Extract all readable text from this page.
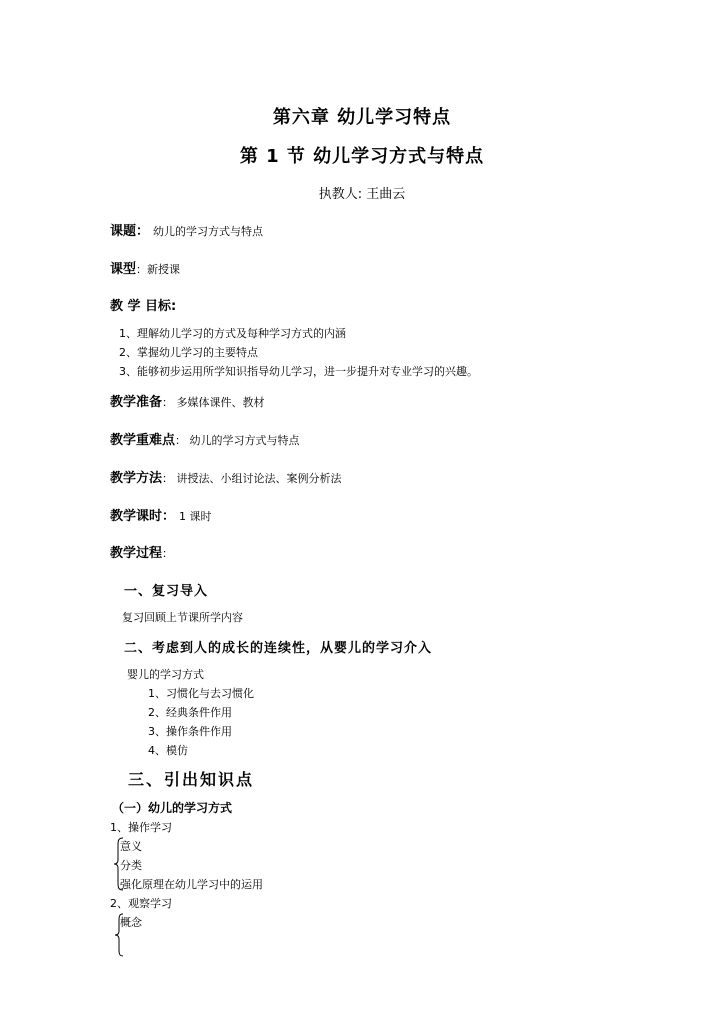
第六章 幼儿学习特点
第 1 节 幼儿学习方式与特点
执教人: 王曲云
课题： 幼儿的学习方式与特点
课型：新授课
教 学 目标:
1、理解幼儿学习的方式及每种学习方式的内涵
2、掌握幼儿学习的主要特点
3、能够初步运用所学知识指导幼儿学习，进一步提升对专业学习的兴趣。
教学准备： 多媒体课件、教材
教学重难点： 幼儿的学习方式与特点
教学方法： 讲授法、小组讨论法、案例分析法
教学课时： 1 课时
教学过程：
一、复习导入
复习回顾上节课所学内容
二、考虑到人的成长的连续性，从婴儿的学习介入
婴儿的学习方式
1、习惯化与去习惯化
2、经典条件作用
3、操作条件作用
4、模仿
三、引出知识点
（一）幼儿的学习方式
1、操作学习
意义
分类
强化原理在幼儿学习中的运用
2、观察学习
概念
